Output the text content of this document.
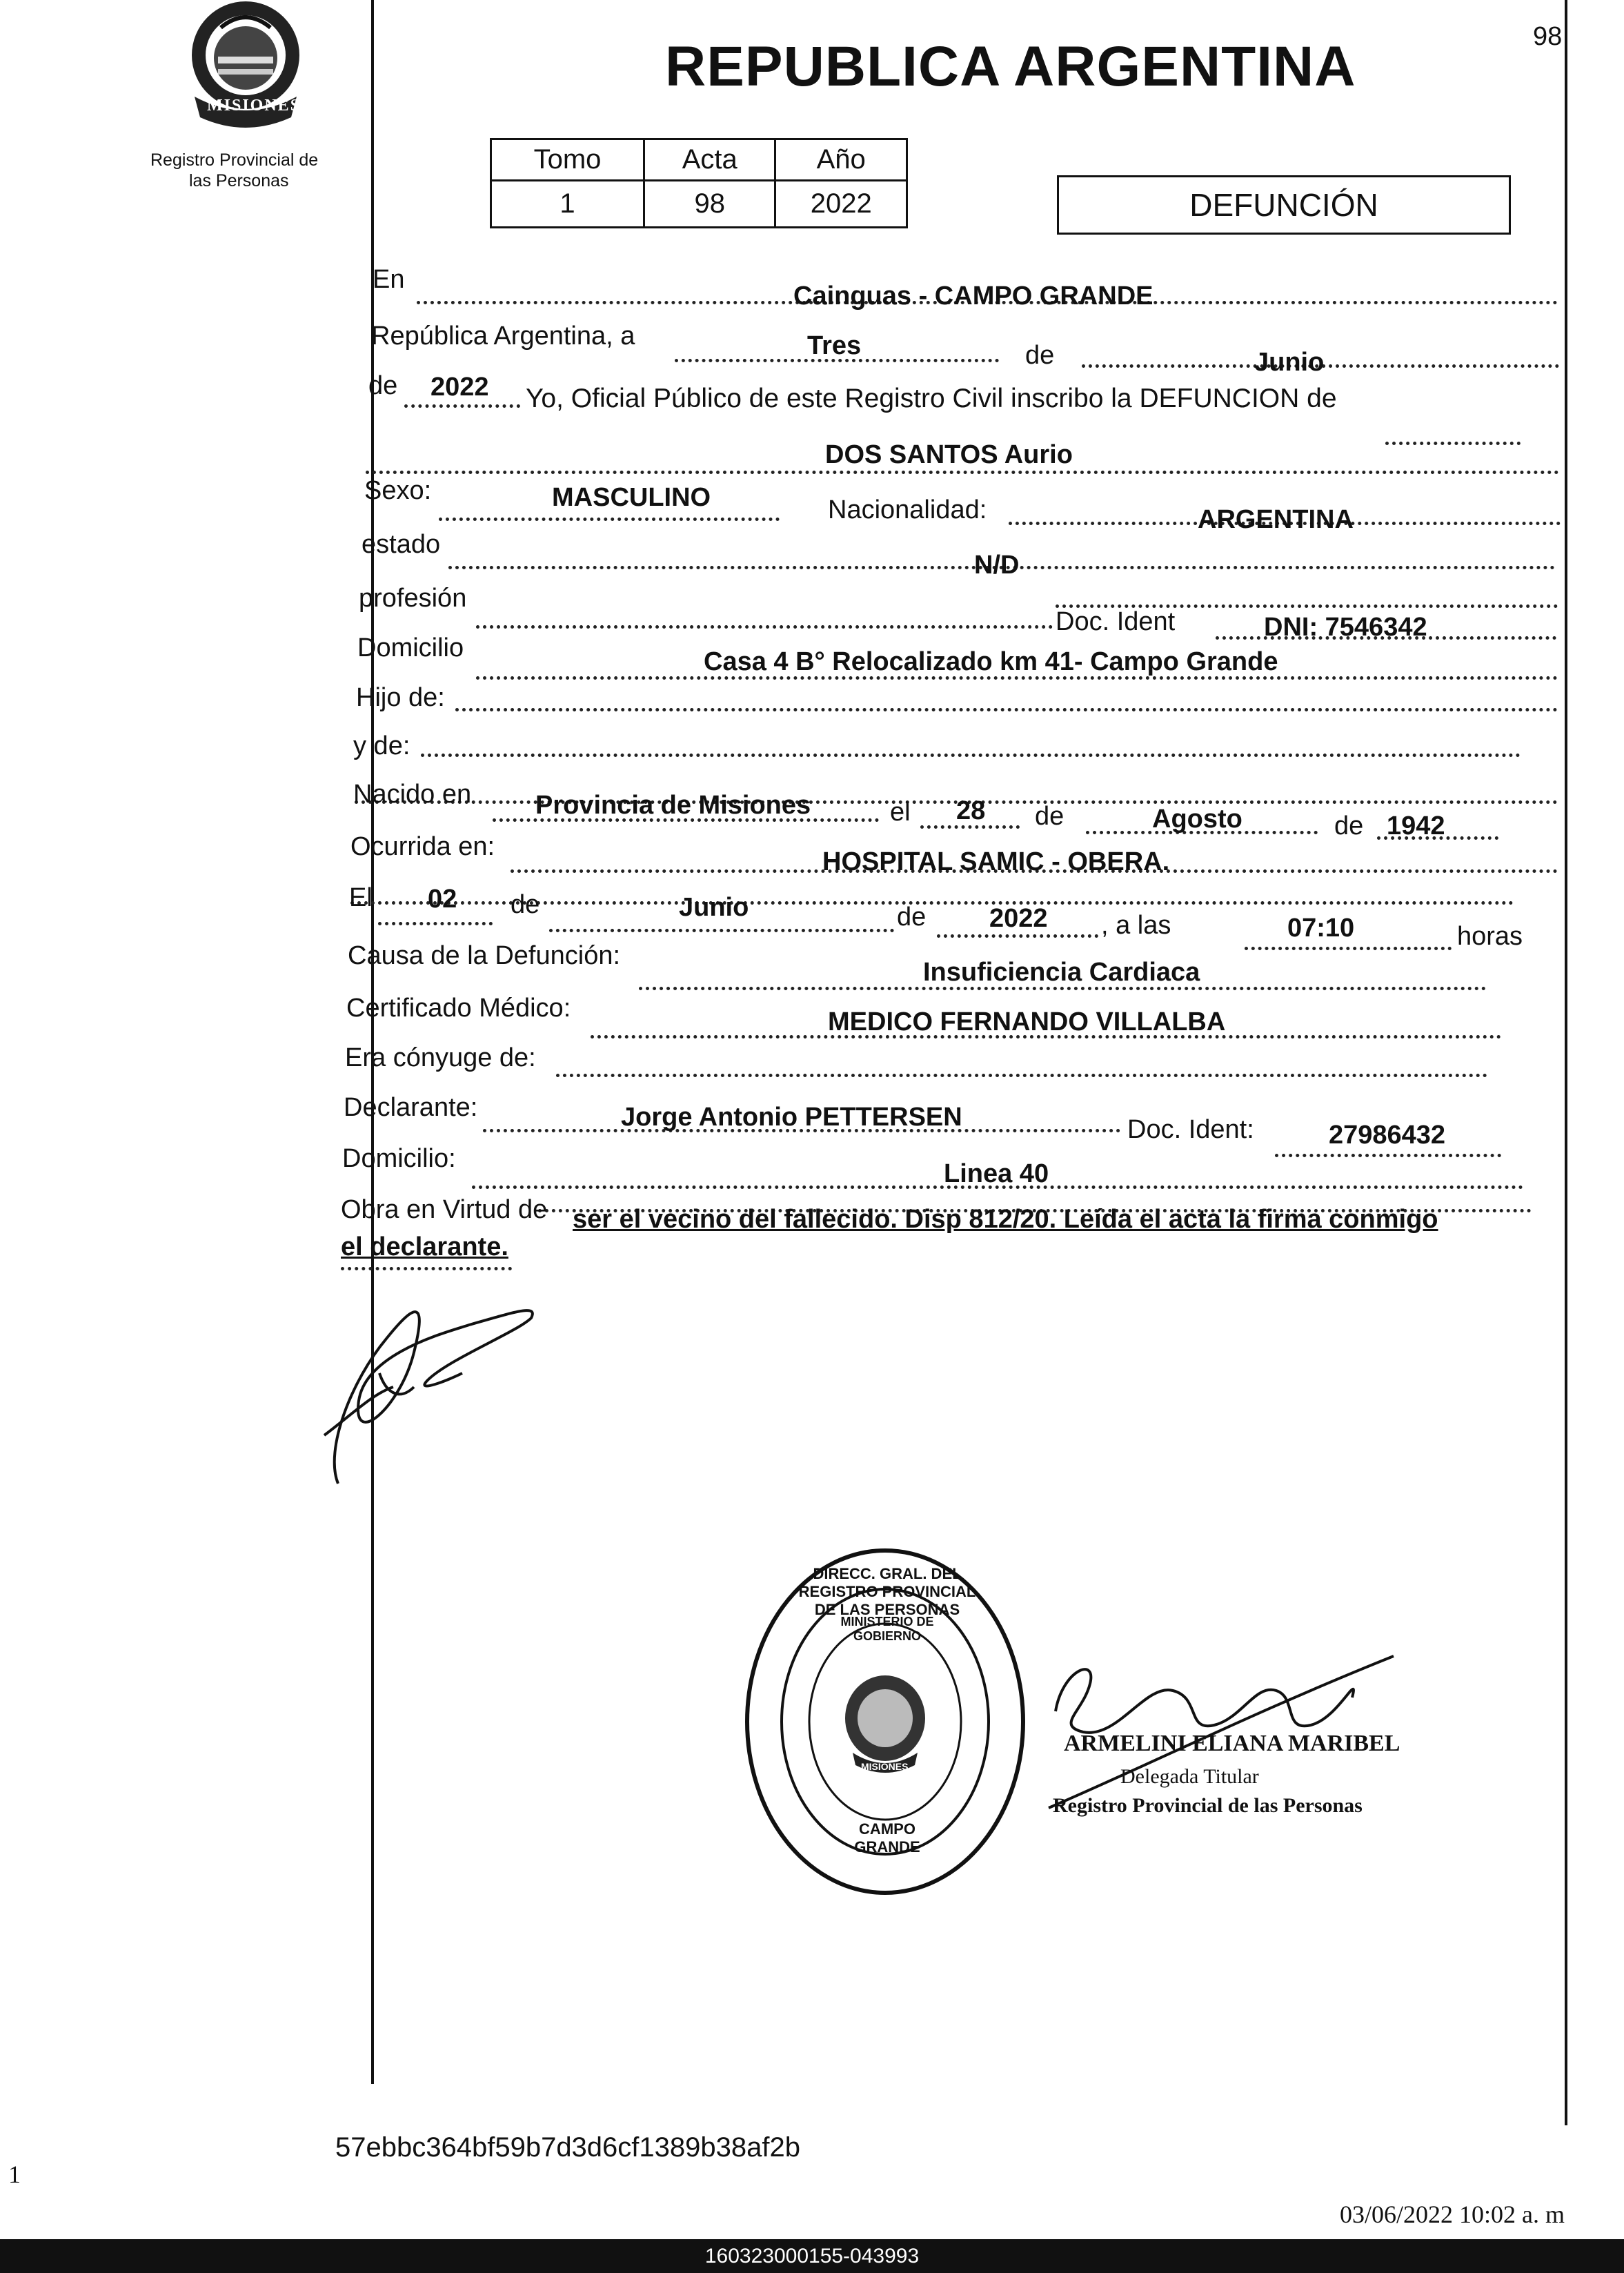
MISIONES
Registro Provincial de
las Personas
REPUBLICA ARGENTINA	98
Tomo	Acta	Año
1	98	2022	DEFUNCIÓN
En
Cainguas - CAMPO GRANDE
República Argentina, a	Tres	de	Junio
de 2022 Yo, Oficial Público de este Registro Civil inscribo la DEFUNCION de
DOS SANTOS Aurio
Sexo:	MASCULINO	Nacionalidad:	ARGENTINA
estado
N/D
profesión
Doc. Ident	DNI: 7546342
Domicilio	Casa 4 B° Relocalizado km 41- Campo Grande
Hijo de:
y de:
Nacido en Provincia de Misiones	el 28 de	Agosto	de 1942
Ocurrida en:
HOSPITAL SAMIC - OBERA.
El 02 de	Junio	de 2022 , a las	07:10	horas
Causa de la Defunción:
Insuficiencia Cardiaca
Certificado Médico:	MEDICO FERNANDO VILLALBA
Era cónyuge de:
Declarante:	Jorge Antonio PETTERSEN	Doc. Ident:	27986432
Domicilio:
Linea 40
Obra en Virtud de ser el vecino del fallecido. Disp 812/20. Leída el acta la firma conmigo
el declarante.
DIRECC. GRAL. DEL REGISTRO PROVINCIAL DE LAS PERSONAS
MINISTERIO DE GOBIERNO
CAMPO GRANDE
MISIONES
ARMELINI ELIANA MARIBEL
Delegada Titular
Registro Provincial de las Personas
57ebbc364bf59b7d3d6cf1389b38af2b
1
03/06/2022 10:02 a. m
160323000155-043993
